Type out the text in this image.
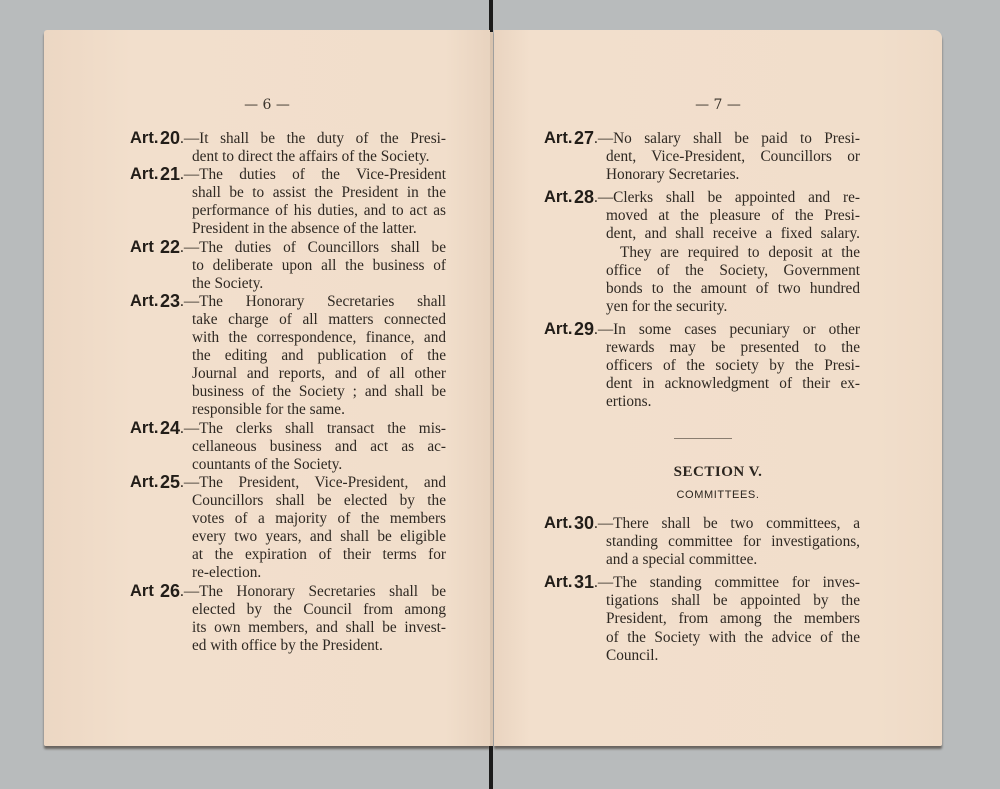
— 6 —
Art. 20 .—It shall be the duty of the Presi-
dent to direct the affairs of the Society.
Art. 21 .—The duties of the Vice-President
shall be to assist the President in the
performance of his duties, and to act as
President in the absence of the latter.
Art 22 .—The duties of Councillors shall be
to deliberate upon all the business of
the Society.
Art. 23 .—The Honorary Secretaries shall
take charge of all matters connected
with the correspondence, finance, and
the editing and publication of the
Journal and reports, and of all other
business of the Society ; and shall be
responsible for the same.
Art. 24 .—The clerks shall transact the mis-
cellaneous business and act as ac-
countants of the Society.
Art. 25 .—The President, Vice-President, and
Councillors shall be elected by the
votes of a majority of the members
every two years, and shall be eligible
at the expiration of their terms for
re-election.
Art 26 .—The Honorary Secretaries shall be
elected by the Council from among
its own members, and shall be invest-
ed with office by the President.
— 7 —
Art. 27 .—No salary shall be paid to Presi-
dent, Vice-President, Councillors or
Honorary Secretaries.
Art. 28 .—Clerks shall be appointed and re-
moved at the pleasure of the Presi-
dent, and shall receive a fixed salary.
They are required to deposit at the
office of the Society, Government
bonds to the amount of two hundred
yen for the security.
Art. 29 .—In some cases pecuniary or other
rewards may be presented to the
officers of the society by the Presi-
dent in acknowledgment of their ex-
ertions.
SECTION V.
COMMITTEES.
Art. 30 .—There shall be two committees, a
standing committee for investigations,
and a special committee.
Art. 31 .—The standing committee for inves-
tigations shall be appointed by the
President, from among the members
of the Society with the advice of the
Council.
